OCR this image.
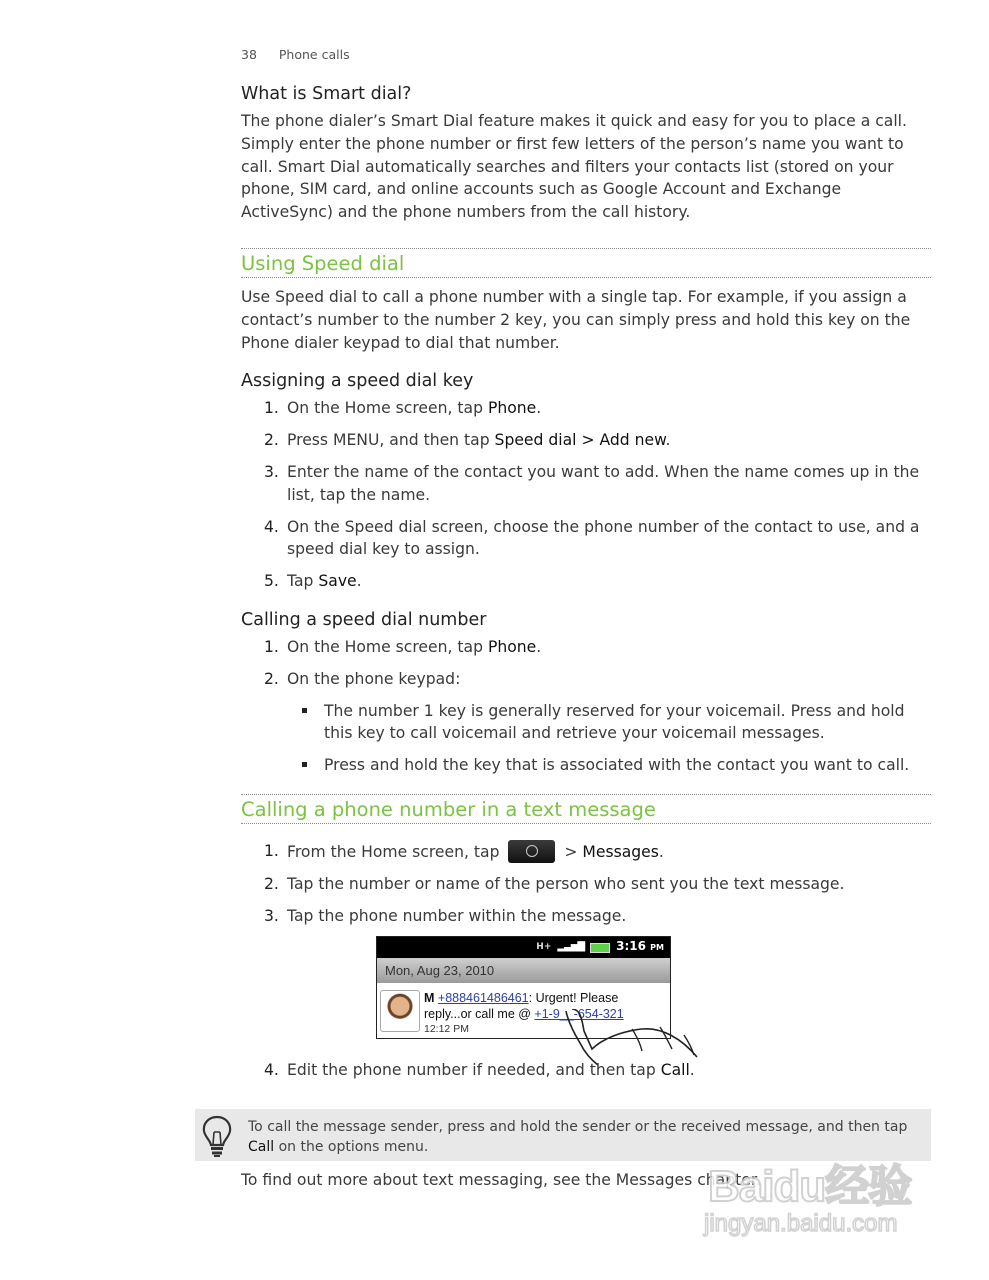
38 Phone calls
What is Smart dial?

The phone dialer’s Smart Dial feature makes it quick and easy for you to place a call. Simply enter the phone number or first few letters of the person’s name you want to call. Smart Dial automatically searches and filters your contacts list (stored on your phone, SIM card, and online accounts such as Google Account and Exchange ActiveSync) and the phone numbers from the call history.

Using Speed dial

Use Speed dial to call a phone number with a single tap. For example, if you assign a contact’s number to the number 2 key, you can simply press and hold this key on the Phone dialer keypad to dial that number.

Assigning a speed dial key
1. On the Home screen, tap Phone.
2. Press MENU, and then tap Speed dial > Add new.
3. Enter the name of the contact you want to add. When the name comes up in the list, tap the name.
4. On the Speed dial screen, choose the phone number of the contact to use, and a speed dial key to assign.
5. Tap Save.
Calling a speed dial number
1. On the Home screen, tap Phone.
2. On the phone keypad:
The number 1 key is generally reserved for your voicemail. Press and hold this key to call voicemail and retrieve your voicemail messages.
Press and hold the key that is associated with the contact you want to call.
Calling a phone number in a text message
1. From the Home screen, tap	> Messages.
2. Tap the number or name of the person who sent you the text message.
3. Tap the phone number within the message.
H+ ▂▃▅▇	3:16 PM
Mon, Aug 23, 2010
M +888461486461: Urgent! Please
reply...or call me @ +1-9__-654-321
12:12 PM
4. Edit the phone number if needed, and then tap Call.
To call the message sender, press and hold the sender or the received message, and then tap Call on the options menu.
To find out more about text messaging, see the Messages chapter.
Baidu经验
jingyan.baidu.com
